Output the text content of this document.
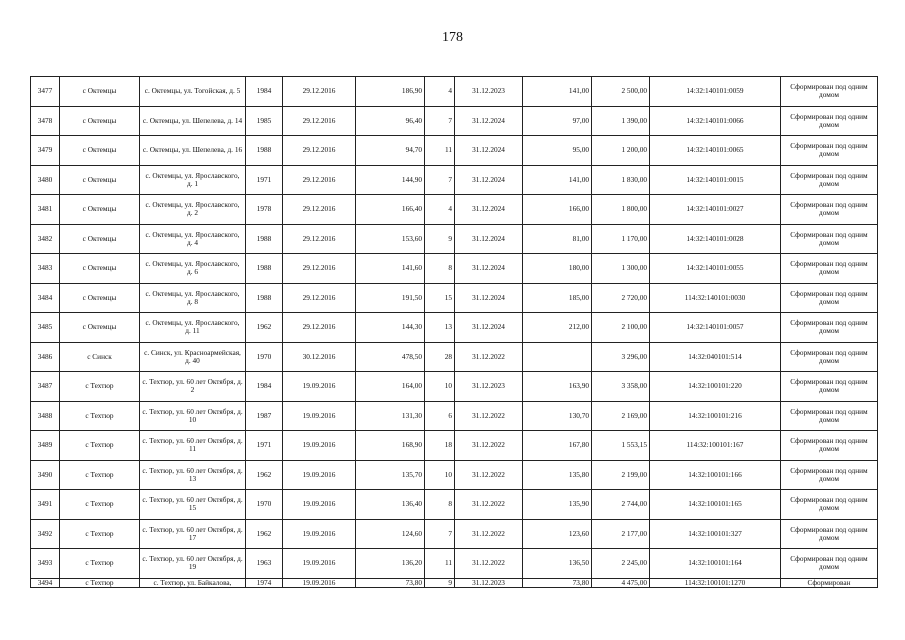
178
3477	с Октемцы	с. Октемцы, ул. Тогойская, д. 5	1984	29.12.2016	186,90	4	31.12.2023	141,00	2 500,00	14:32:140101:0059	Сформирован под одним домом
3478	с Октемцы	с. Октемцы, ул. Шепелева, д. 14	1985	29.12.2016	96,40	7	31.12.2024	97,00	1 390,00	14:32:140101:0066	Сформирован под одним домом
3479	с Октемцы	с. Октемцы, ул. Шепелева, д. 16	1988	29.12.2016	94,70	11	31.12.2024	95,00	1 200,00	14:32:140101:0065	Сформирован под одним домом
3480	с Октемцы	с. Октемцы, ул. Ярославского, д. 1	1971	29.12.2016	144,90	7	31.12.2024	141,00	1 830,00	14:32:140101:0015	Сформирован под одним домом
3481	с Октемцы	с. Октемцы, ул. Ярославского, д. 2	1978	29.12.2016	166,40	4	31.12.2024	166,00	1 800,00	14:32:140101:0027	Сформирован под одним домом
3482	с Октемцы	с. Октемцы, ул. Ярославского, д. 4	1988	29.12.2016	153,60	9	31.12.2024	81,00	1 170,00	14:32:140101:0028	Сформирован под одним домом
3483	с Октемцы	с. Октемцы, ул. Ярославского, д. 6	1988	29.12.2016	141,60	8	31.12.2024	180,00	1 300,00	14:32:140101:0055	Сформирован под одним домом
3484	с Октемцы	с. Октемцы, ул. Ярославского, д. 8	1988	29.12.2016	191,50	15	31.12.2024	185,00	2 720,00	114:32:140101:0030	Сформирован под одним домом
3485	с Октемцы	с. Октемцы, ул. Ярославского, д. 11	1962	29.12.2016	144,30	13	31.12.2024	212,00	2 100,00	14:32:140101:0057	Сформирован под одним домом
3486	с Синск	с. Синск, ул. Красноармейская, д. 40	1970	30.12.2016	478,50	28	31.12.2022		3 296,00	14:32:040101:514	Сформирован под одним домом
3487	с Техтюр	с. Техтюр, ул. 60 лет Октября, д. 2	1984	19.09.2016	164,00	10	31.12.2023	163,90	3 358,00	14:32:100101:220	Сформирован под одним домом
3488	с Техтюр	с. Техтюр, ул. 60 лет Октября, д. 10	1987	19.09.2016	131,30	6	31.12.2022	130,70	2 169,00	14:32:100101:216	Сформирован под одним домом
3489	с Техтюр	с. Техтюр, ул. 60 лет Октября, д. 11	1971	19.09.2016	168,90	18	31.12.2022	167,80	1 553,15	114:32:100101:167	Сформирован под одним домом
3490	с Техтюр	с. Техтюр, ул. 60 лет Октября, д. 13	1962	19.09.2016	135,70	10	31.12.2022	135,80	2 199,00	14:32:100101:166	Сформирован под одним домом
3491	с Техтюр	с. Техтюр, ул. 60 лет Октября, д. 15	1970	19.09.2016	136,40	8	31.12.2022	135,90	2 744,00	14:32:100101:165	Сформирован под одним домом
3492	с Техтюр	с. Техтюр, ул. 60 лет Октября, д. 17	1962	19.09.2016	124,60	7	31.12.2022	123,60	2 177,00	14:32:100101:327	Сформирован под одним домом
3493	с Техтюр	с. Техтюр, ул. 60 лет Октября, д. 19	1963	19.09.2016	136,20	11	31.12.2022	136,50	2 245,00	14:32:100101:164	Сформирован под одним домом
3494	с Техтюр	с. Техтюр, ул. Байкалова,	1974	19.09.2016	73,80	9	31.12.2023	73,80	4 475,00	114:32:100101:1270	Сформирован
